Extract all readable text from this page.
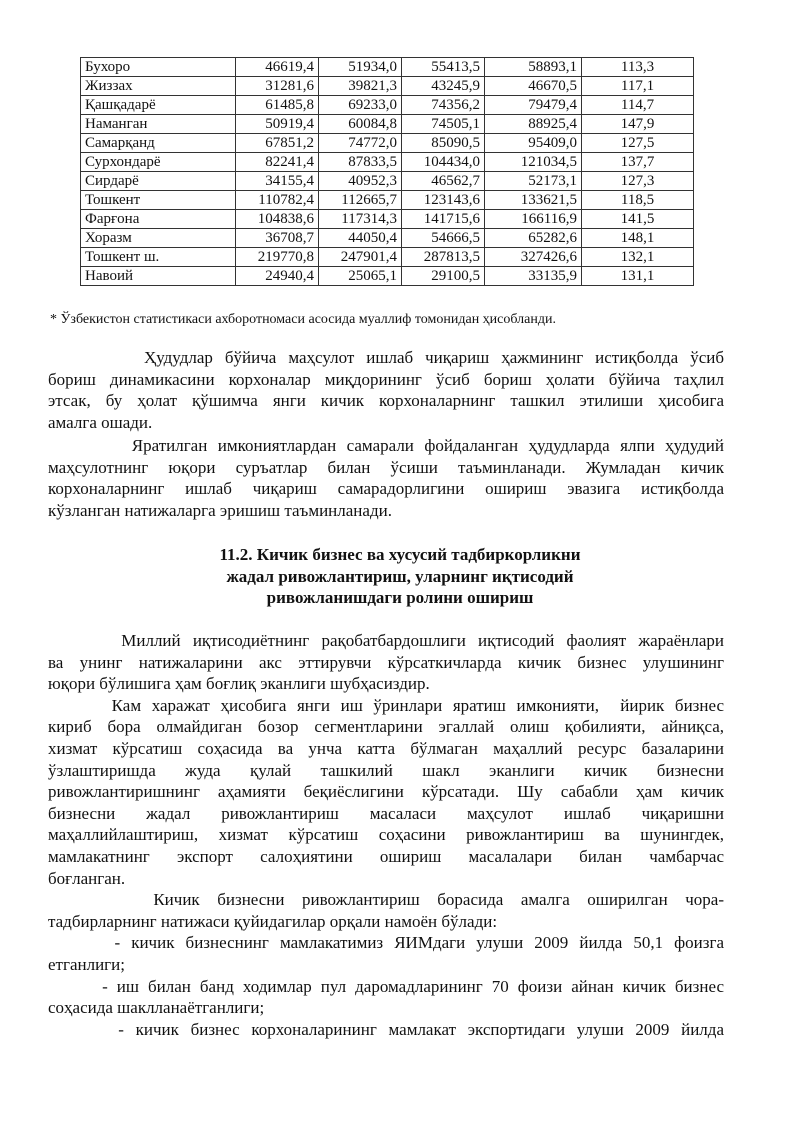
Бухоро	46619,4	51934,0	55413,5	58893,1	113,3
Жиззах	31281,6	39821,3	43245,9	46670,5	117,1
Қашқадарё	61485,8	69233,0	74356,2	79479,4	114,7
Наманган	50919,4	60084,8	74505,1	88925,4	147,9
Самарқанд	67851,2	74772,0	85090,5	95409,0	127,5
Сурхондарё	82241,4	87833,5	104434,0	121034,5	137,7
Сирдарё	34155,4	40952,3	46562,7	52173,1	127,3
Тошкент	110782,4	112665,7	123143,6	133621,5	118,5
Фарғона	104838,6	117314,3	141715,6	166116,9	141,5
Хоразм	36708,7	44050,4	54666,5	65282,6	148,1
Тошкент ш.	219770,8	247901,4	287813,5	327426,6	132,1
Навоий	24940,4	25065,1	29100,5	33135,9	131,1
* Ўзбекистон статистикаси ахборотномаси асосида муаллиф томонидан ҳисобланди.
Ҳудудлар бўйича маҳсулот ишлаб чиқариш ҳажмининг истиқболда ўсиб
бориш динамикасини корхоналар миқдорининг ўсиб бориш ҳолати бўйича таҳлил
этсак, бу ҳолат қўшимча янги кичик корхоналарнинг ташкил этилиши ҳисобига
амалга ошади.
Яратилган имкониятлардан самарали фойдаланган ҳудудларда ялпи ҳудудий
маҳсулотнинг юқори суръатлар билан ўсиши таъминланади. Жумладан кичик
корхоналарнинг ишлаб чиқариш самарадорлигини ошириш эвазига истиқболда
кўзланган натижаларга эришиш таъминланади.
11.2. Кичик бизнес ва хусусий тадбиркорликни
жадал ривожлантириш, уларнинг иқтисодий
ривожланишдаги ролини ошириш
Миллий иқтисодиётнинг рақобатбардошлиги иқтисодий фаолият жараёнлари
ва унинг натижаларини акс эттирувчи кўрсаткичларда кичик бизнес улушининг
юқори бўлишига ҳам боғлиқ эканлиги шубҳасиздир.
Кам харажат ҳисобига янги иш ўринлари яратиш имконияти,  йирик бизнес
кириб бора олмайдиган бозор сегментларини эгаллай олиш қобилияти, айниқса,
хизмат кўрсатиш соҳасида ва унча катта бўлмаган маҳаллий ресурс базаларини
ўзлаштиришда жуда қулай ташкилий шакл эканлиги кичик бизнесни
ривожлантиришнинг аҳамияти беқиёслигини кўрсатади. Шу сабабли ҳам кичик
бизнесни жадал ривожлантириш масаласи маҳсулот ишлаб чиқаришни
маҳаллийлаштириш, хизмат кўрсатиш соҳасини ривожлантириш ва шунингдек,
мамлакатнинг экспорт салоҳиятини ошириш масалалари билан чамбарчас
боғланган.
Кичик бизнесни ривожлантириш борасида амалга оширилган чора-
тадбирларнинг натижаси қуйидагилар орқали намоён бўлади:
- кичик бизнеснинг мамлакатимиз ЯИМдаги улуши 2009 йилда 50,1 фоизга
етганлиги;
- иш билан банд ходимлар пул даромадларининг 70 фоизи айнан кичик бизнес
соҳасида шаклланаётганлиги;
- кичик бизнес корхоналарининг мамлакат экспортидаги улуши 2009 йилда
